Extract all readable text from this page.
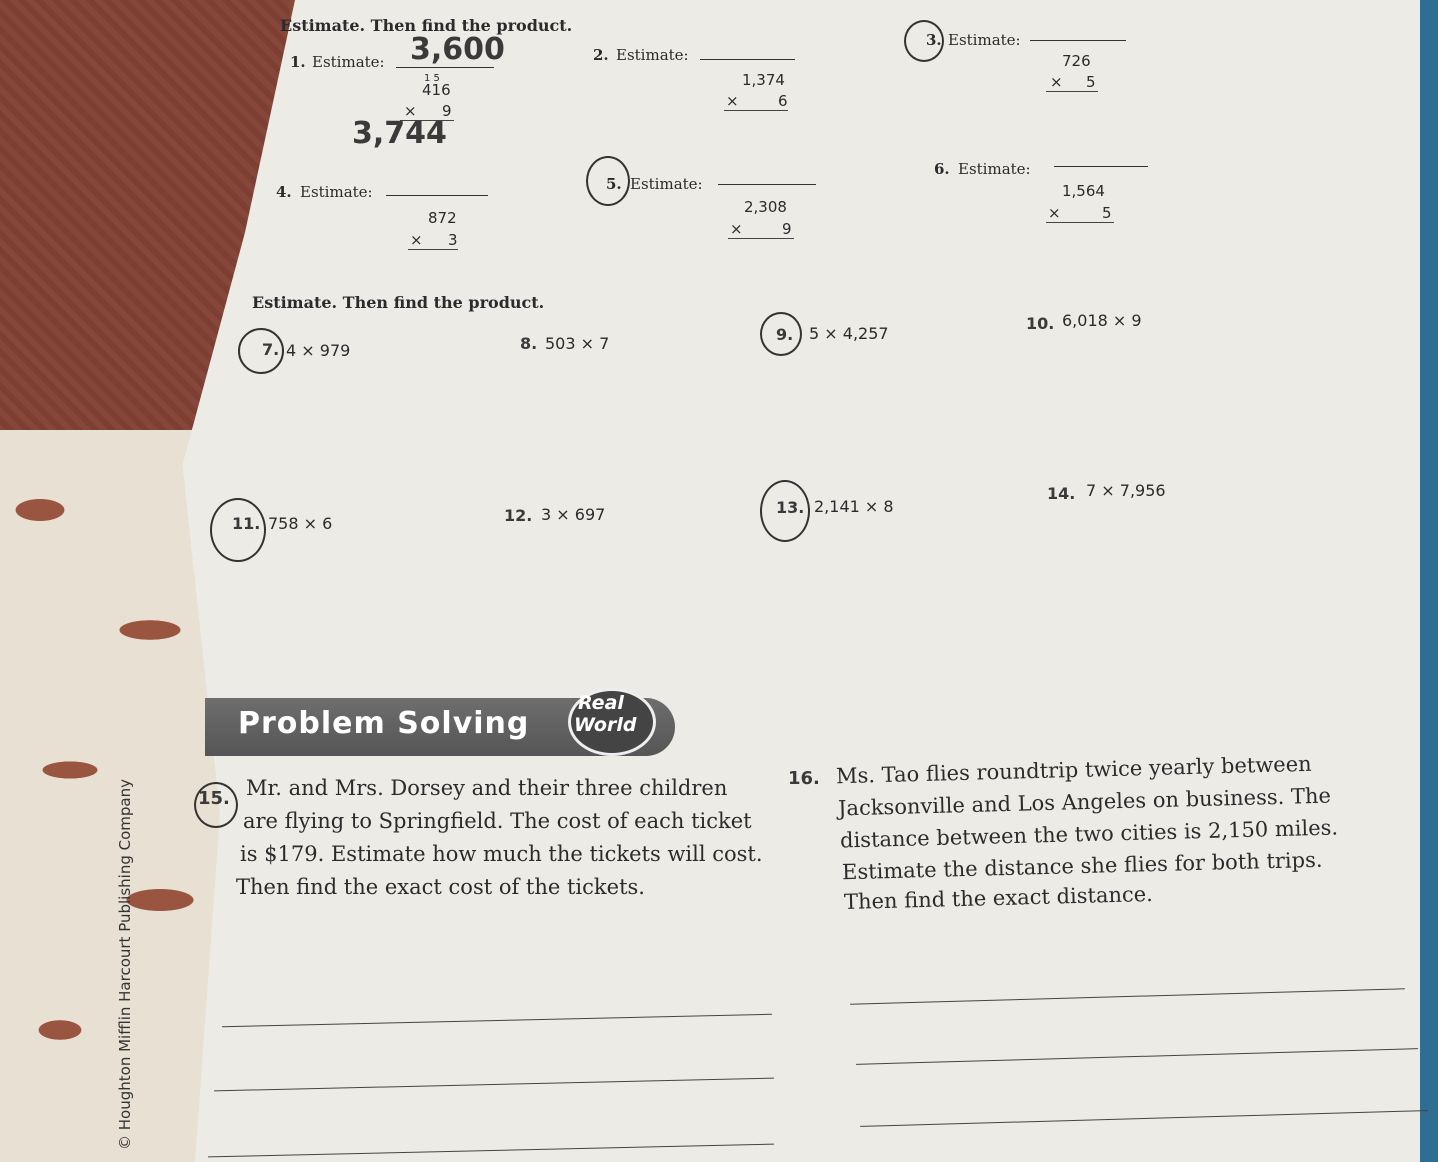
Estimate. Then find the product.
1. Estimate: 3,600
1 5
416
× 9
3,744
2. Estimate:
1,374
×	6
3. Estimate:
726
× 5
4. Estimate:
872
× 3
5. Estimate:
2,308
×	9
6. Estimate:
1,564
×	5
Estimate. Then find the product.
7. 4 × 979	8. 503 × 7	9. 5 × 4,257
10. 6,018 × 9
11. 758 × 6	12. 3 × 697	13. 2,141 × 8
14. 7 × 7,956
Problem Solving
Real
World
15. Mr. and Mrs. Dorsey and their three children
are flying to Springfield. The cost of each ticket
is $179. Estimate how much the tickets will cost.
Then find the exact cost of the tickets.
16. Ms. Tao flies roundtrip twice yearly between
Jacksonville and Los Angeles on business. The
distance between the two cities is 2,150 miles.
Estimate the distance she flies for both trips.
Then find the exact distance.
© Houghton Mifflin Harcourt Publishing Company
